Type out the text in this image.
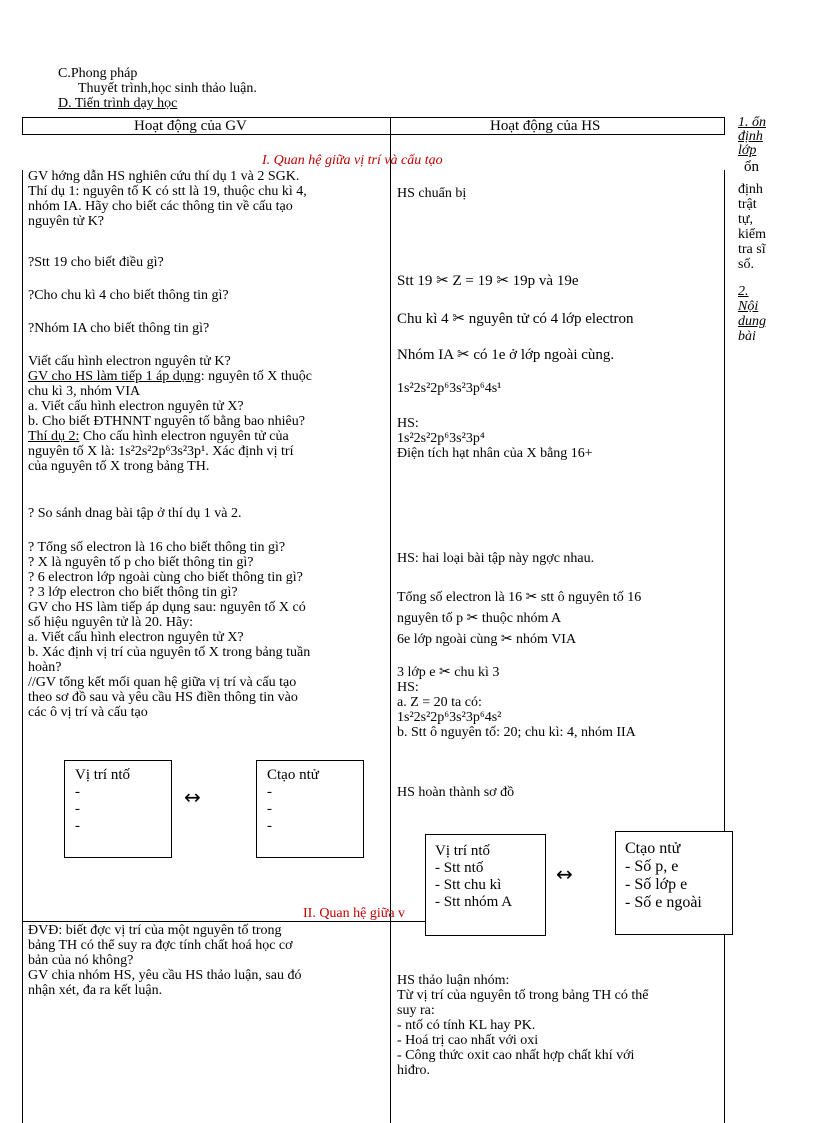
C.Phong pháp
Thuyết trình,học sinh thảo luận.
D. Tiến trình dạy học
Hoạt động của GV	Hoạt động của HS	1. ổn
định
lớp
ổn
định
trật
tự,
kiểm
tra sĩ
số.
2.
Nội
dung
bài
I. Quan hệ giữa vị trí và cấu tạo
GV hớng dẫn HS nghiên cứu thí dụ 1 và 2 SGK.
Thí dụ 1: nguyên tố K có stt là 19, thuộc chu kì 4,
nhóm IA. Hãy cho biết các thông tin về cấu tạo
nguyên tử K?
?Stt 19 cho biết điều gì?
?Cho chu kì 4 cho biết thông tin gì?
?Nhóm IA cho biết thông tin gì?
Viết cấu hình electron nguyên tử K?
GV cho HS làm tiếp 1 áp dụng: nguyên tố X thuộc
chu kì 3, nhóm VIA
a. Viết cấu hình electron nguyên tử X?
b. Cho biết ĐTHNNT nguyên tố bằng bao nhiêu?
Thí dụ 2: Cho cấu hình electron nguyên tử của
nguyên tố X là: 1s²2s²2p⁶3s²3p¹. Xác định vị trí
của nguyên tố X trong bảng TH.
? So sánh dnag bài tập ở thí dụ 1 và 2.
? Tổng số electron là 16 cho biết thông tin gì?
? X là nguyên tố p cho biết thông tin gì?
? 6 electron lớp ngoài cùng cho biết thông tin gì?
? 3 lớp electron cho biết thông tin gì?
GV cho HS làm tiếp áp dụng sau: nguyên tố X có
số hiệu nguyên tử là 20. Hãy:
a. Viết cấu hình electron nguyên tử X?
b. Xác định vị trí của nguyên tố X trong bảng tuần
hoàn?
//GV tổng kết mối quan hệ giữa vị trí và cấu tạo
theo sơ đồ sau và yêu cầu HS điền thông tin vào
các ô vị trí và cấu tạo
Vị trí ntố
-
-
-
↔
Ctạo ntử
-
-
-
HS chuẩn bị
Stt 19 ✂ Z = 19 ✂ 19p và 19e
Chu kì 4 ✂ nguyên tử có 4 lớp electron
Nhóm IA ✂ có 1e ở lớp ngoài cùng.
1s²2s²2p⁶3s²3p⁶4s¹
HS:
1s²2s²2p⁶3s²3p⁴
Điện tích hạt nhân của X bằng 16+
HS: hai loại bài tập này ngợc nhau.
Tổng số electron là 16 ✂ stt ô nguyên tố 16
nguyên tố p ✂ thuộc nhóm A
6e lớp ngoài cùng ✂ nhóm VIA
3 lớp e ✂ chu kì 3
HS:
a. Z = 20 ta có:
1s²2s²2p⁶3s²3p⁶4s²
b. Stt ô nguyên tố: 20; chu kì: 4, nhóm IIA
HS hoàn thành sơ đồ
Vị trí ntố
- Stt ntố
- Stt chu kì
- Stt nhóm A
↔
Ctạo ntử
- Số p, e
- Số lớp e
- Số e ngoài
II. Quan hệ giữa v
ĐVĐ: biết đợc vị trí của một nguyên tố trong
bảng TH có thể suy ra đợc tính chất hoá học cơ
bản của nó không?
GV chia nhóm HS, yêu cầu HS thảo luận, sau đó
nhận xét, đa ra kết luận.
HS thảo luận nhóm:
Từ vị trí của nguyên tố trong bảng TH có thể
suy ra:
- ntố có tính KL hay PK.
- Hoá trị cao nhất với oxi
- Công thức oxit cao nhất hợp chất khí với
hiđro.
